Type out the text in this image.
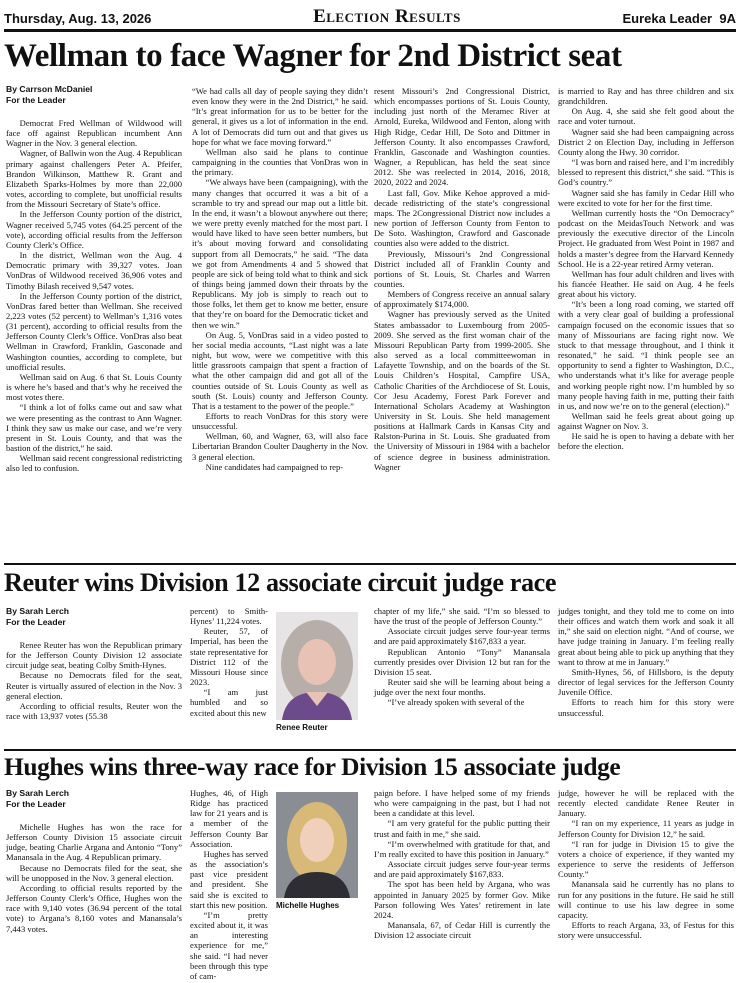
Thursday, Aug. 13, 2026	Election Results	Eureka Leader 9A
Wellman to face Wagner for 2nd District seat
By Carrson McDaniel
For the Leader

Democrat Fred Wellman of Wildwood will face off against Republican incumbent Ann Wagner in the Nov. 3 general election.

Wagner, of Ballwin won the Aug. 4 Republican primary against challengers Peter A. Pfeifer, Brandon Wilkinson, Matthew R. Grant and Elizabeth Sparks-Holmes by more than 22,000 votes, according to complete, but unofficial results from the Missouri Secretary of State’s office.

In the Jefferson County portion of the district, Wagner received 5,745 votes (64.25 percent of the vote), according official results from the Jefferson County Clerk’s Office.

In the district, Wellman won the Aug. 4 Democratic primary with 39,327 votes. Joan VonDras of Wildwood received 36,906 votes and Timothy Bilash received 9,547 votes.

In the Jefferson County portion of the district, VonDras fared better than Wellman. She received 2,223 votes (52 percent) to Wellman’s 1,316 votes (31 percent), according to official results from the Jefferson County Clerk’s Office. VonDras also beat Wellman in Crawford, Franklin, Gasconade and Washington counties, according to complete, but unofficial results.

Wellman said on Aug. 6 that St. Louis County is where he’s based and that’s why he received the most votes there.

“I think a lot of folks came out and saw what we were presenting as the contrast to Ann Wagner. I think they saw us make our case, and we’re very present in St. Louis County, and that was the bastion of the district,” he said.

Wellman said recent congressional redistricting also led to confusion.

“We had calls all day of people saying they didn’t even know they were in the 2nd District,” he said. “It’s great information for us to be better for the general, it gives us a lot of information in the end. A lot of Democrats did turn out and that gives us hope for what we face moving forward.”

Wellman also said he plans to continue campaigning in the counties that VonDras won in the primary.

“We always have been (campaigning), with the many changes that occurred it was a bit of a scramble to try and spread our map out a little bit. In the end, it wasn’t a blowout anywhere out there; we were pretty evenly matched for the most part. I would have liked to have seen better numbers, but it’s about moving forward and consolidating support from all Democrats,” he said. “The data we got from Amendments 4 and 5 showed that people are sick of being told what to think and sick of things being jammed down their throats by the Republicans. My job is simply to reach out to those folks, let them get to know me better, ensure that they’re on board for the Democratic ticket and then we win.”

On Aug. 5, VonDras said in a video posted to her social media accounts, “Last night was a late night, but wow, were we competitive with this little grassroots campaign that spent a fraction of what the other campaign did and got all of the counties outside of St. Louis County as well as south (St. Louis) county and Jefferson County. That is a testament to the power of the people.”

Efforts to reach VonDras for this story were unsuccessful.

Wellman, 60, and Wagner, 63, will also face Libertarian Brandon Coulter Daugherty in the Nov. 3 general election.

Nine candidates had campaigned to rep-

resent Missouri’s 2nd Congressional District, which encompasses portions of St. Louis County, including just north of the Meramec River at Arnold, Eureka, Wildwood and Fenton, along with High Ridge, Cedar Hill, De Soto and Dittmer in Jefferson County. It also encompasses Crawford, Franklin, Gasconade and Washington counties. Wagner, a Republican, has held the seat since 2012. She was reelected in 2014, 2016, 2018, 2020, 2022 and 2024.

Last fall, Gov. Mike Kehoe approved a mid-decade redistricting of the state’s congressional maps. The 2Congressional District now includes a new portion of Jefferson County from Fenton to De Soto. Washington, Crawford and Gasconade counties also were added to the district.

Previously, Missouri’s 2nd Congressional District included all of Franklin County and portions of St. Louis, St. Charles and Warren counties.

Members of Congress receive an annual salary of approximately $174,000.

Wagner has previously served as the United States ambassador to Luxembourg from 2005-2009. She served as the first woman chair of the Missouri Republican Party from 1999-2005. She also served as a local committeewoman in Lafayette Township, and on the boards of the St. Louis Children’s Hospital, Campfire USA, Catholic Charities of the Archdiocese of St. Louis, Cor Jesu Academy, Forest Park Forever and International Scholars Academy at Washington University in St. Louis. She held management positions at Hallmark Cards in Kansas City and Ralston-Purina in St. Louis. She graduated from the University of Missouri in 1984 with a bachelor of science degree in business administration. Wagner

is married to Ray and has three children and six grandchildren.

On Aug. 4, she said she felt good about the race and voter turnout.

Wagner said she had been campaigning across District 2 on Election Day, including in Jefferson County along the Hwy. 30 corridor.

“I was born and raised here, and I’m incredibly blessed to represent this district,” she said. “This is God’s country.”

Wagner said she has family in Cedar Hill who were excited to vote for her for the first time.

Wellman currently hosts the “On Democracy” podcast on the MeidasTouch Network and was previously the executive director of the Lincoln Project. He graduated from West Point in 1987 and holds a master’s degree from the Harvard Kennedy School. He is a 22-year retired Army veteran.

Wellman has four adult children and lives with his fiancée Heather. He said on Aug. 4 he feels great about his victory.

“It’s been a long road coming, we started off with a very clear goal of building a professional campaign focused on the economic issues that so many of Missourians are facing right now. We stuck to that message throughout, and I think it resonated,” he said. “I think people see an opportunity to send a fighter to Washington, D.C., who understands what it’s like for average people and working people right now. I’m humbled by so many people having faith in me, putting their faith in us, and now we’re on to the general (election).”

Wellman said he feels great about going up against Wagner on Nov. 3.

He said he is open to having a debate with her before the election.

Reuter wins Division 12 associate circuit judge race
By Sarah Lerch
For the Leader

Renee Reuter has won the Republican primary for the Jefferson County Division 12 associate circuit judge seat, beating Colby Smith-Hynes.

Because no Democrats filed for the seat, Reuter is virtually assured of election in the Nov. 3 general election.

According to official results, Reuter won the race with 13,937 votes (55.38

percent) to Smith-Hynes’ 11,224 votes.

Reuter, 57, of Imperial, has been the state representative for District 112 of the Missouri House since 2023.

“I am just humbled and so excited about this new

Renee Reuter

chapter of my life,” she said. “I’m so blessed to have the trust of the people of Jefferson County.”

Associate circuit judges serve four-year terms and are paid approximately $167,833 a year.

Republican Antonio “Tony” Manansala currently presides over Division 12 but ran for the Division 15 seat.

Reuter said she will be learning about being a judge over the next four months.

“I’ve already spoken with several of the

judges tonight, and they told me to come on into their offices and watch them work and soak it all in,” she said on election night. “And of course, we have judge training in January. I’m feeling really great about being able to pick up anything that they want to throw at me in January.”

Smith-Hynes, 56, of Hillsboro, is the deputy director of legal services for the Jefferson County Juvenile Office.

Efforts to reach him for this story were unsuccessful.

Hughes wins three-way race for Division 15 associate judge
By Sarah Lerch
For the Leader

Michelle Hughes has won the race for Jefferson County Division 15 associate circuit judge, beating Charlie Argana and Antonio “Tony” Manansala in the Aug. 4 Republican primary.

Because no Democrats filed for the seat, she will be unopposed in the Nov. 3 general election.

According to official results reported by the Jefferson County Clerk’s Office, Hughes won the race with 9,140 votes (36.94 percent of the total vote) to Argana’s 8,160 votes and Manansala’s 7,443 votes.

Hughes, 46, of High Ridge has practiced law for 21 years and is a member of the Jefferson County Bar Association.

Hughes has served as the association’s past vice president and president. She said she is excited to start this new position.

“I’m pretty excited about it, it was an interesting experience for me,” she said. “I had never been through this type of cam-

Michelle Hughes

paign before. I have helped some of my friends who were campaigning in the past, but I had not been a candidate at this level.

“I am very grateful for the public putting their trust and faith in me,” she said.

“I’m overwhelmed with gratitude for that, and I’m really excited to have this position in January.”

Associate circuit judges serve four-year terms and are paid approximately $167,833.

The spot has been held by Argana, who was appointed in January 2025 by former Gov. Mike Parson following Wes Yates’ retirement in late 2024.

Manansala, 67, of Cedar Hill is currently the Division 12 associate circuit

judge, however he will be replaced with the recently elected candidate Renee Reuter in January.

“I ran on my experience, 11 years as judge in Jefferson County for Division 12,” he said.

“I ran for judge in Division 15 to give the voters a choice of experience, if they wanted my experience to serve the residents of Jefferson County.”

Manansala said he currently has no plans to run for any positions in the future. He said he still will continue to use his law degree in some capacity.

Efforts to reach Argana, 33, of Festus for this story were unsuccessful.
